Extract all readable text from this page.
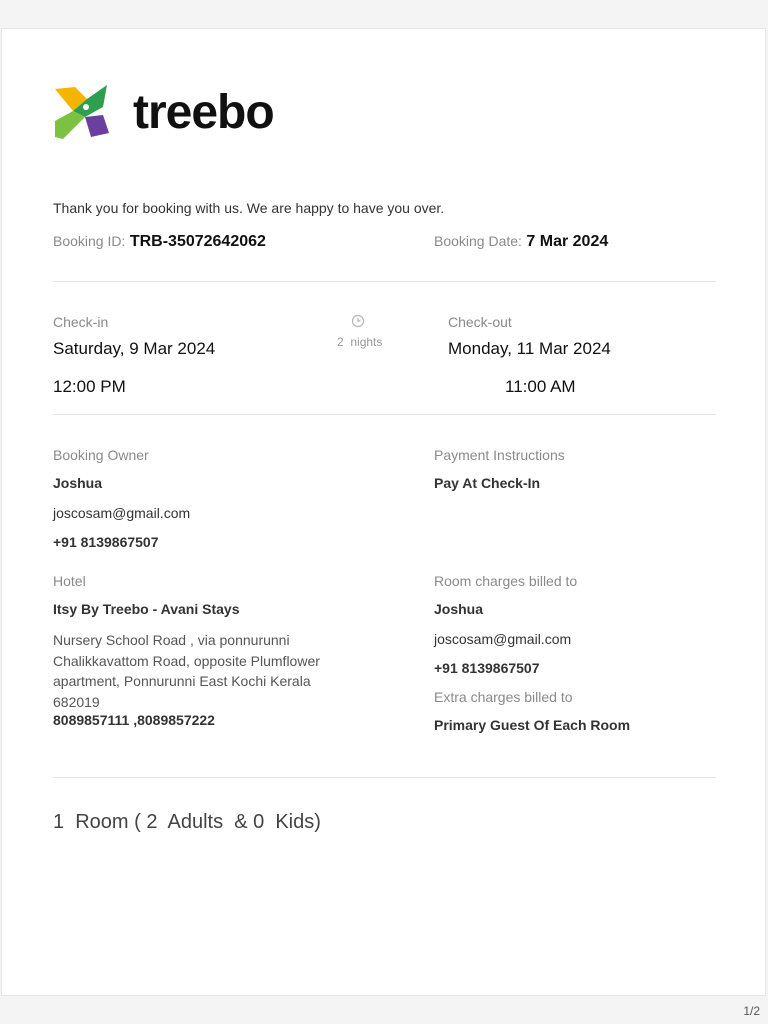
treebo
Thank you for booking with us. We are happy to have you over.
Booking ID: TRB-35072642062	Booking Date: 7 Mar 2024
Check-in
Saturday, 9 Mar 2024
12:00 PM
2 nights
Check-out
Monday, 11 Mar 2024
11:00 AM
Booking Owner
Joshua
joscosam@gmail.com
+91 8139867507
Payment Instructions
Pay At Check-In
Hotel
Itsy By Treebo - Avani Stays
Nursery School Road , via ponnurunni Chalikkavattom Road, opposite Plumflower apartment, Ponnurunni East Kochi Kerala 682019
8089857111 ,8089857222
Room charges billed to
Joshua
joscosam@gmail.com
+91 8139867507
Extra charges billed to
Primary Guest Of Each Room
1  Room ( 2  Adults  & 0  Kids)
1/2
